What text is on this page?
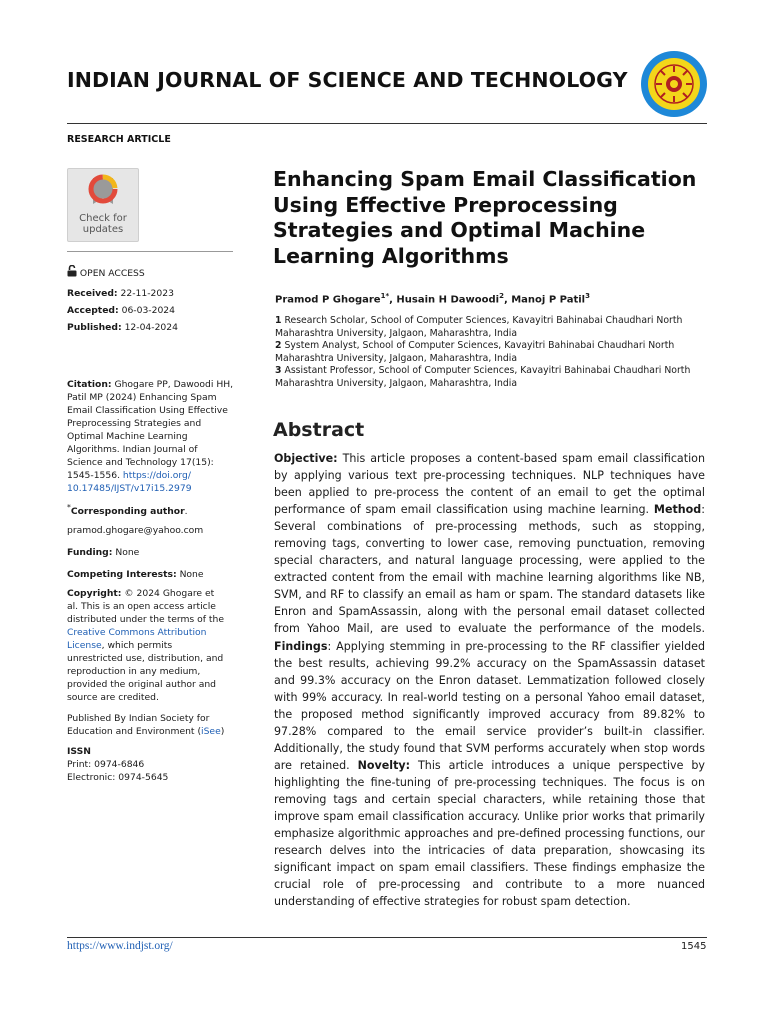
INDIAN JOURNAL OF SCIENCE AND TECHNOLOGY
RESEARCH ARTICLE
Check for
updates
OPEN ACCESS
Received: 22-11-2023
Accepted: 06-03-2024
Published: 12-04-2024
Citation: Ghogare PP, Dawoodi HH, Patil MP (2024) Enhancing Spam Email Classification Using Effective Preprocessing Strategies and Optimal Machine Learning Algorithms. Indian Journal of Science and Technology 17(15): 1545-1556. https://doi.org/
10.17485/IJST/v17i15.2979
*Corresponding author.
pramod.ghogare@yahoo.com
Funding: None
Competing Interests: None
Copyright: © 2024 Ghogare et al. This is an open access article distributed under the terms of the Creative Commons Attribution License, which permits unrestricted use, distribution, and reproduction in any medium, provided the original author and source are credited.
Published By Indian Society for Education and Environment (iSee)
ISSN
Print: 0974-6846
Electronic: 0974-5645
Enhancing Spam Email Classification Using Effective Preprocessing Strategies and Optimal Machine Learning Algorithms
Pramod P Ghogare$^{1*}$, Husain H Dawoodi$^2$, Manoj P Patil$^3$
1 Research Scholar, School of Computer Sciences, Kavayitri Bahinabai Chaudhari North Maharashtra University, Jalgaon, Maharashtra, India
2 System Analyst, School of Computer Sciences, Kavayitri Bahinabai Chaudhari North Maharashtra University, Jalgaon, Maharashtra, India
3 Assistant Professor, School of Computer Sciences, Kavayitri Bahinabai Chaudhari North Maharashtra University, Jalgaon, Maharashtra, India
Abstract
Objective: This article proposes a content-based spam email classification by applying various text pre-processing techniques. NLP techniques have been applied to pre-process the content of an email to get the optimal performance of spam email classification using machine learning. Method: Several combinations of pre-processing methods, such as stopping, removing tags, converting to lower case, removing punctuation, removing special characters, and natural language processing, were applied to the extracted content from the email with machine learning algorithms like NB, SVM, and RF to classify an email as ham or spam. The standard datasets like Enron and SpamAssassin, along with the personal email dataset collected from Yahoo Mail, are used to evaluate the performance of the models. Findings: Applying stemming in pre-processing to the RF classifier yielded the best results, achieving 99.2% accuracy on the SpamAssassin dataset and 99.3% accuracy on the Enron dataset. Lemmatization followed closely with 99% accuracy. In real-world testing on a personal Yahoo email dataset, the proposed method significantly improved accuracy from 89.82% to 97.28% compared to the email service provider’s built-in classifier. Additionally, the study found that SVM performs accurately when stop words are retained. Novelty: This article introduces a unique perspective by highlighting the fine-tuning of pre-processing techniques. The focus is on removing tags and certain special characters, while retaining those that improve spam email classification accuracy. Unlike prior works that primarily emphasize algorithmic approaches and pre-defined processing functions, our research delves into the intricacies of data preparation, showcasing its significant impact on spam email classifiers. These findings emphasize the crucial role of pre-processing and contribute to a more nuanced understanding of effective strategies for robust spam detection.
https://www.indjst.org/	1545
